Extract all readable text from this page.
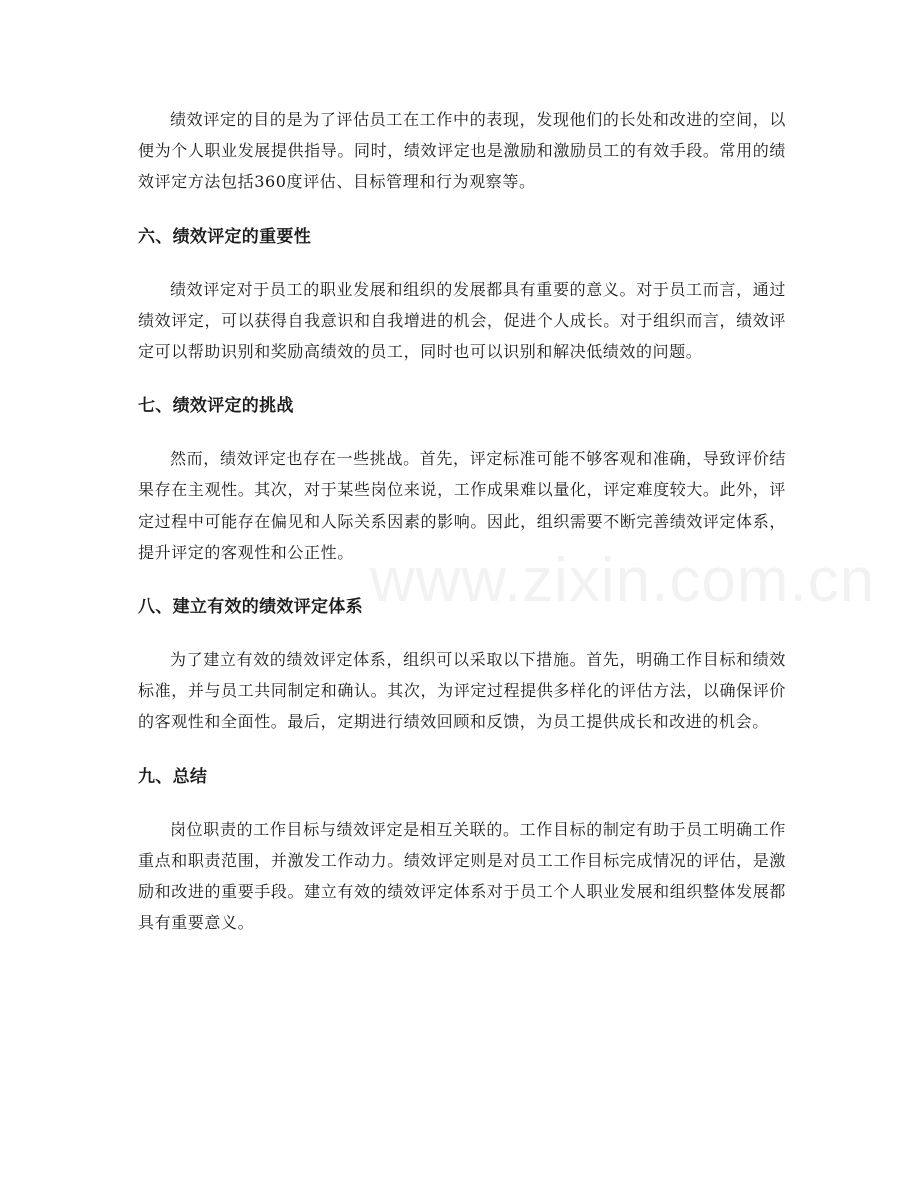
www.zixin.com.cn

绩效评定的目的是为了评估员工在工作中的表现，发现他们的长处和改进的空间，以便为个人职业发展提供指导。同时，绩效评定也是激励和激励员工的有效手段。常用的绩效评定方法包括360度评估、目标管理和行为观察等。

六、绩效评定的重要性

绩效评定对于员工的职业发展和组织的发展都具有重要的意义。对于员工而言，通过绩效评定，可以获得自我意识和自我增进的机会，促进个人成长。对于组织而言，绩效评定可以帮助识别和奖励高绩效的员工，同时也可以识别和解决低绩效的问题。

七、绩效评定的挑战

然而，绩效评定也存在一些挑战。首先，评定标准可能不够客观和准确，导致评价结果存在主观性。其次，对于某些岗位来说，工作成果难以量化，评定难度较大。此外，评定过程中可能存在偏见和人际关系因素的影响。因此，组织需要不断完善绩效评定体系，提升评定的客观性和公正性。

八、建立有效的绩效评定体系

为了建立有效的绩效评定体系，组织可以采取以下措施。首先，明确工作目标和绩效标准，并与员工共同制定和确认。其次，为评定过程提供多样化的评估方法，以确保评价的客观性和全面性。最后，定期进行绩效回顾和反馈，为员工提供成长和改进的机会。

九、总结

岗位职责的工作目标与绩效评定是相互关联的。工作目标的制定有助于员工明确工作重点和职责范围，并激发工作动力。绩效评定则是对员工工作目标完成情况的评估，是激励和改进的重要手段。建立有效的绩效评定体系对于员工个人职业发展和组织整体发展都具有重要意义。
